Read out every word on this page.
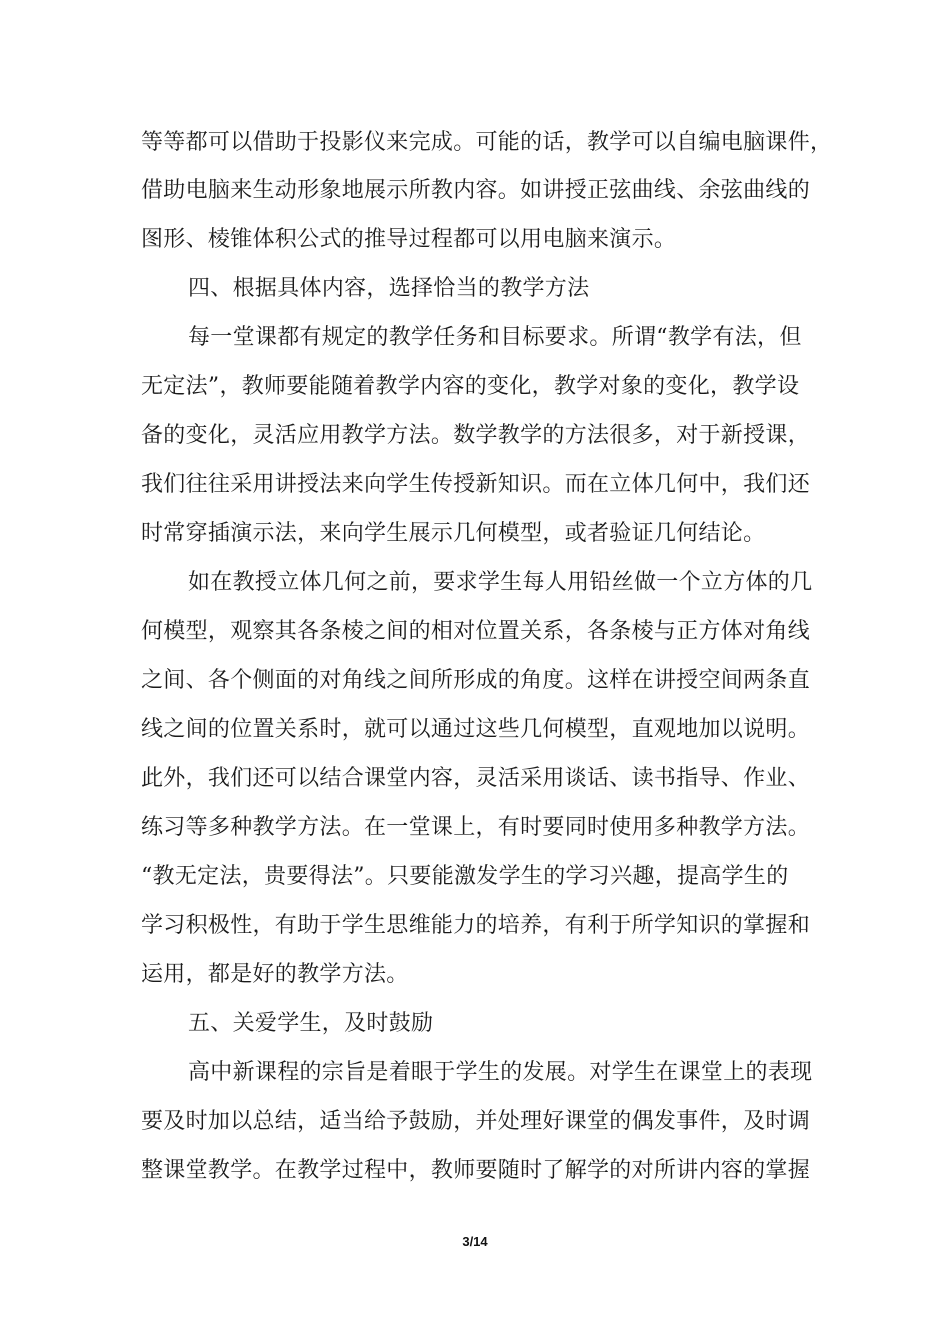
等等都可以借助于投影仪来完成。可能的话，教学可以自编电脑课件，
借助电脑来生动形象地展示所教内容。如讲授正弦曲线、余弦曲线的
图形、棱锥体积公式的推导过程都可以用电脑来演示。
四、根据具体内容，选择恰当的教学方法
每一堂课都有规定的教学任务和目标要求。所谓“教学有法，但
无定法”，教师要能随着教学内容的变化，教学对象的变化，教学设
备的变化，灵活应用教学方法。数学教学的方法很多，对于新授课，
我们往往采用讲授法来向学生传授新知识。而在立体几何中，我们还
时常穿插演示法，来向学生展示几何模型，或者验证几何结论。
如在教授立体几何之前，要求学生每人用铅丝做一个立方体的几
何模型，观察其各条棱之间的相对位置关系，各条棱与正方体对角线
之间、各个侧面的对角线之间所形成的角度。这样在讲授空间两条直
线之间的位置关系时，就可以通过这些几何模型，直观地加以说明。
此外，我们还可以结合课堂内容，灵活采用谈话、读书指导、作业、
练习等多种教学方法。在一堂课上，有时要同时使用多种教学方法。
“教无定法，贵要得法”。只要能激发学生的学习兴趣，提高学生的
学习积极性，有助于学生思维能力的培养，有利于所学知识的掌握和
运用，都是好的教学方法。
五、关爱学生，及时鼓励
高中新课程的宗旨是着眼于学生的发展。对学生在课堂上的表现
要及时加以总结，适当给予鼓励，并处理好课堂的偶发事件，及时调
整课堂教学。在教学过程中，教师要随时了解学的对所讲内容的掌握
3/14
